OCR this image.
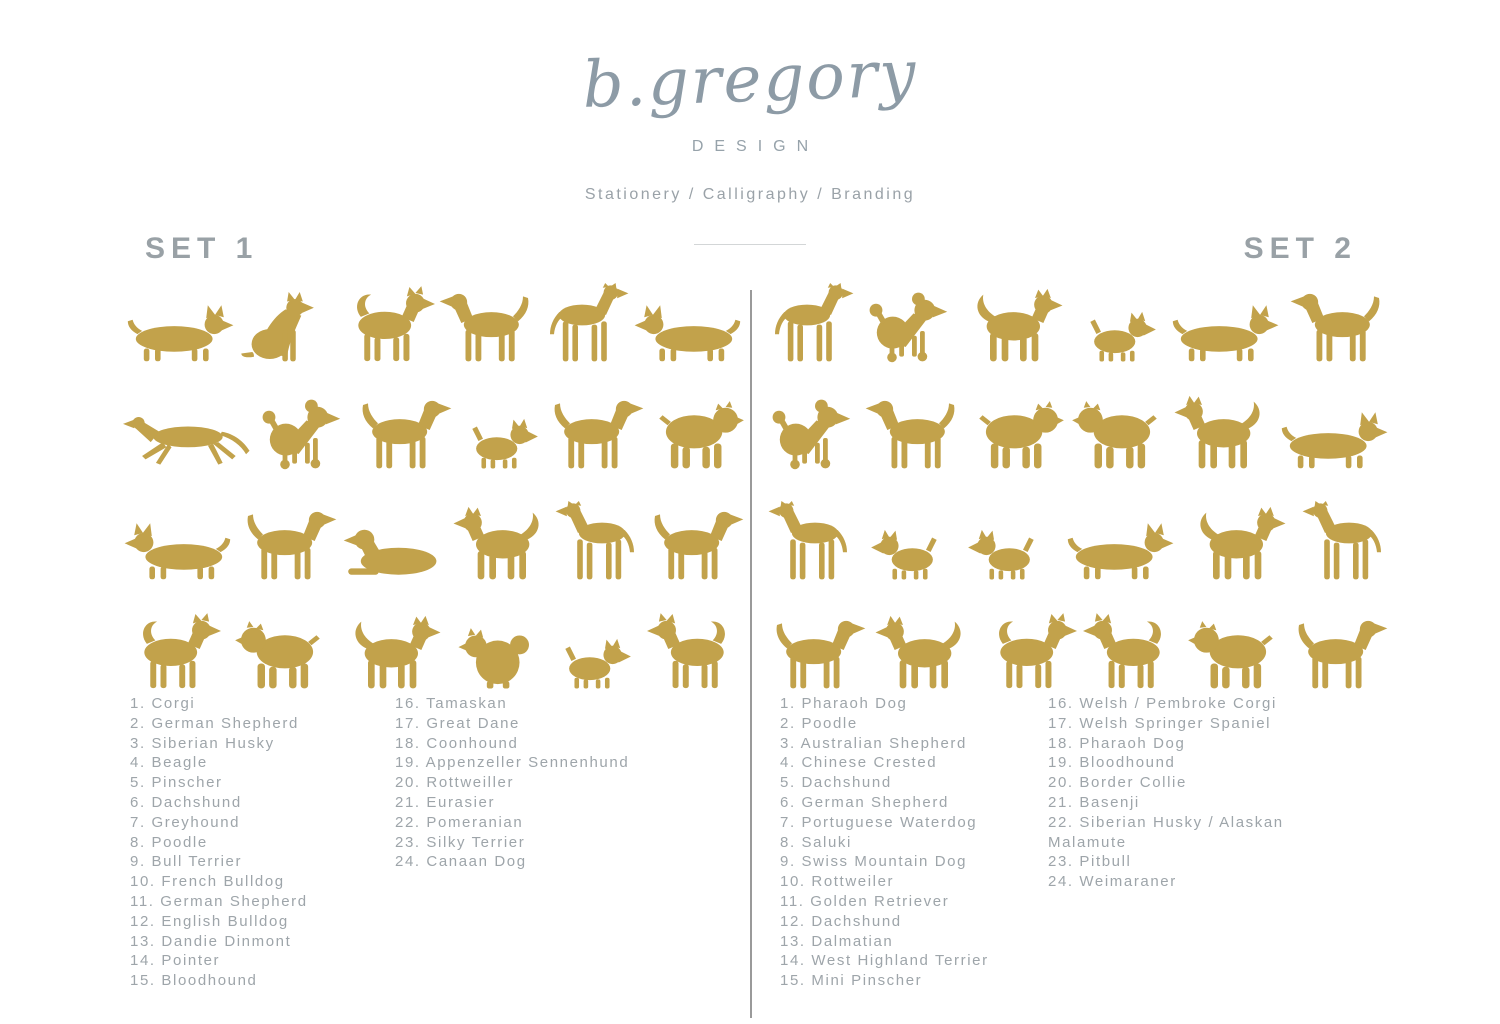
b.gregory
DESIGN
Stationery / Calligraphy / Branding
SET 1	SET 2
1. Corgi
2. German Shepherd
3. Siberian Husky
4. Beagle
5. Pinscher
6. Dachshund
7. Greyhound
8. Poodle
9. Bull Terrier
10. French Bulldog
11. German Shepherd
12. English Bulldog
13. Dandie Dinmont
14. Pointer
15. Bloodhound
16. Tamaskan
17. Great Dane
18. Coonhound
19. Appenzeller Sennenhund
20. Rottweiller
21. Eurasier
22. Pomeranian
23. Silky Terrier
24. Canaan Dog
1. Pharaoh Dog
2. Poodle
3. Australian Shepherd
4. Chinese Crested
5. Dachshund
6. German Shepherd
7. Portuguese Waterdog
8. Saluki
9. Swiss Mountain Dog
10. Rottweiler
11. Golden Retriever
12. Dachshund
13. Dalmatian
14. West Highland Terrier
15. Mini Pinscher
16. Welsh / Pembroke Corgi
17. Welsh Springer Spaniel
18. Pharaoh Dog
19. Bloodhound
20. Border Collie
21. Basenji
22. Siberian Husky / Alaskan Malamute
23. Pitbull
24. Weimaraner
